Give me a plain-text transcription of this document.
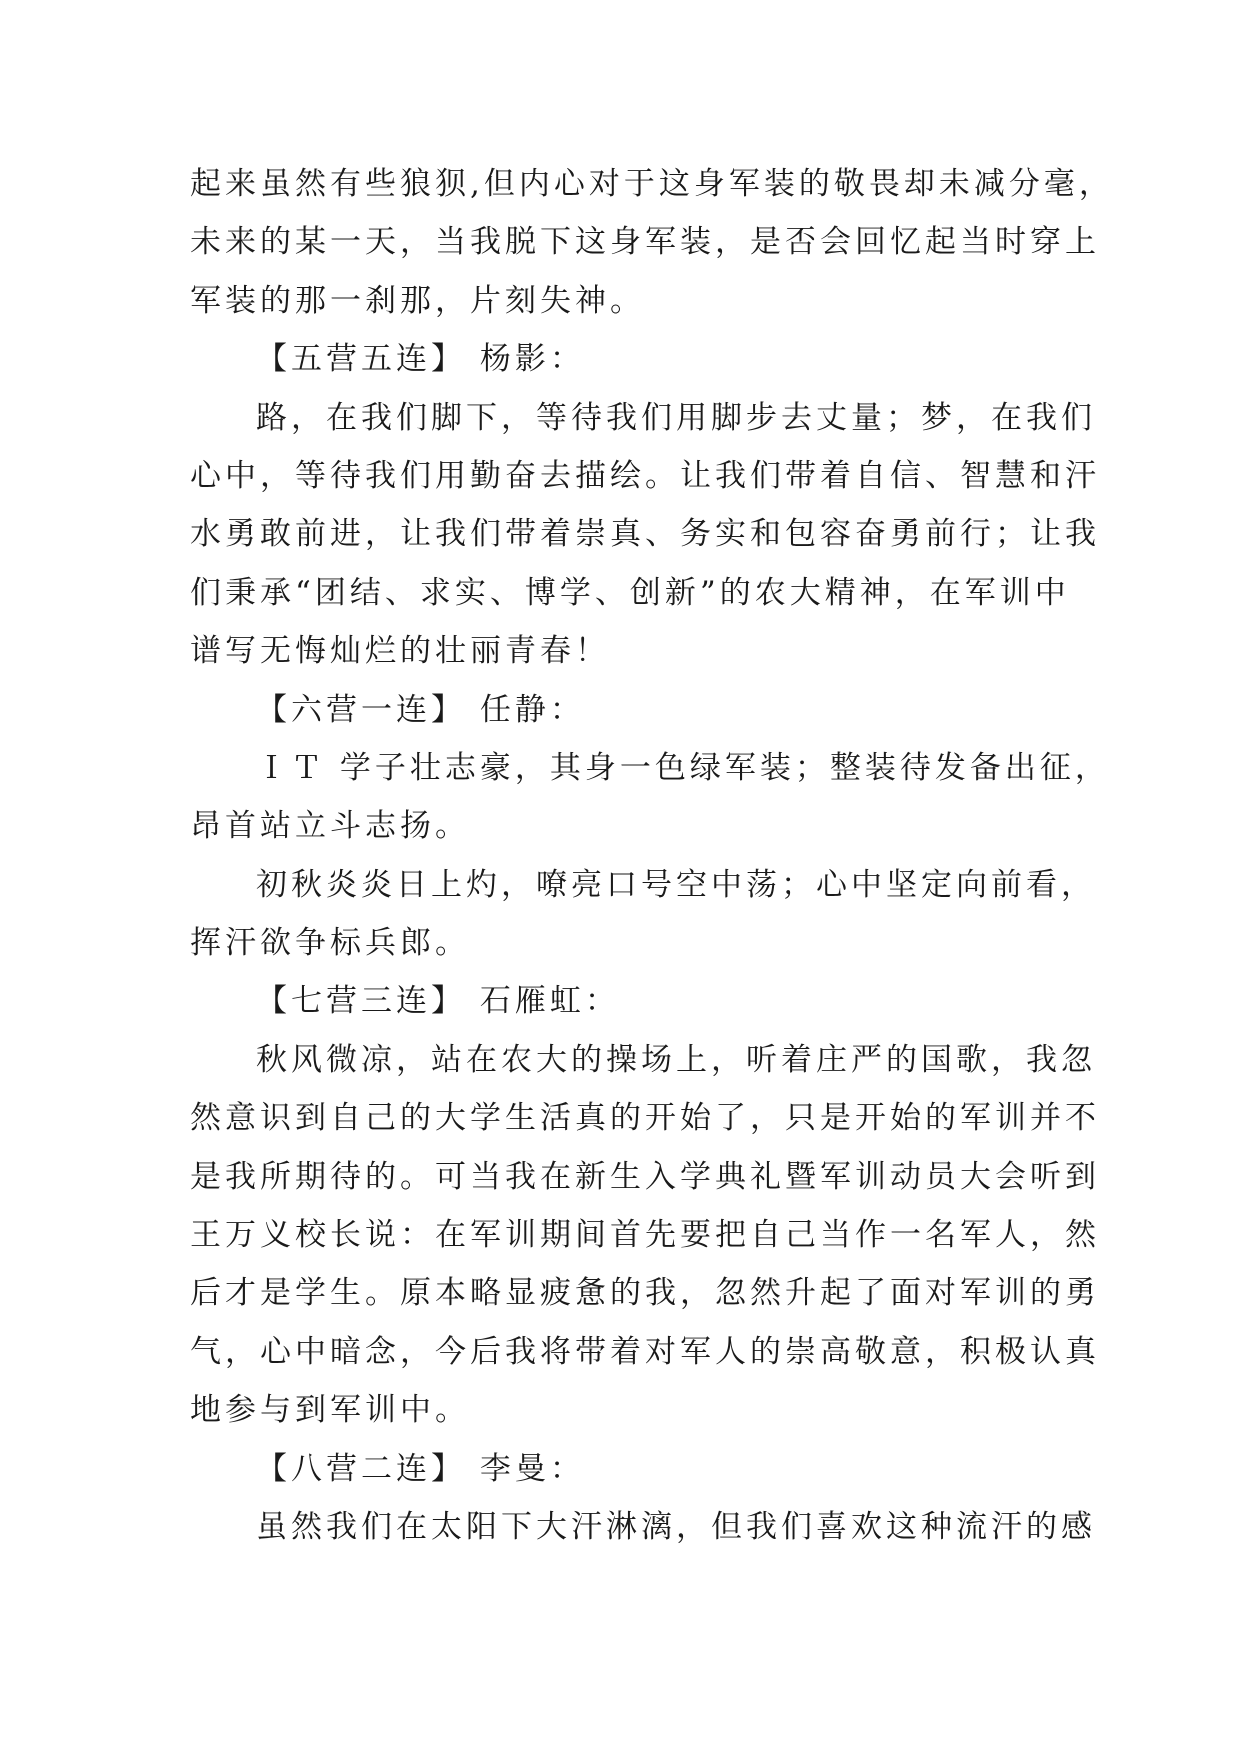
起来虽然有些狼狈,但内心对于这身军装的敬畏却未减分毫，
未来的某一天，当我脱下这身军装，是否会回忆起当时穿上
军装的那一刹那，片刻失神。
【五营五连】 杨影：
路，在我们脚下，等待我们用脚步去丈量；梦，在我们
心中，等待我们用勤奋去描绘。让我们带着自信、智慧和汗
水勇敢前进，让我们带着崇真、务实和包容奋勇前行；让我
们秉承“团结、求实、博学、创新”的农大精神，在军训中
谱写无悔灿烂的壮丽青春！
【六营一连】 任静：
ＩＴ 学子壮志豪，其身一色绿军装；整装待发备出征，
昂首站立斗志扬。
初秋炎炎日上灼，嘹亮口号空中荡；心中坚定向前看，
挥汗欲争标兵郎。
【七营三连】 石雁虹：
秋风微凉，站在农大的操场上，听着庄严的国歌，我忽
然意识到自己的大学生活真的开始了，只是开始的军训并不
是我所期待的。可当我在新生入学典礼暨军训动员大会听到
王万义校长说：在军训期间首先要把自己当作一名军人，然
后才是学生。原本略显疲惫的我，忽然升起了面对军训的勇
气，心中暗念，今后我将带着对军人的崇高敬意，积极认真
地参与到军训中。
【八营二连】 李曼：
虽然我们在太阳下大汗淋漓，但我们喜欢这种流汗的感
